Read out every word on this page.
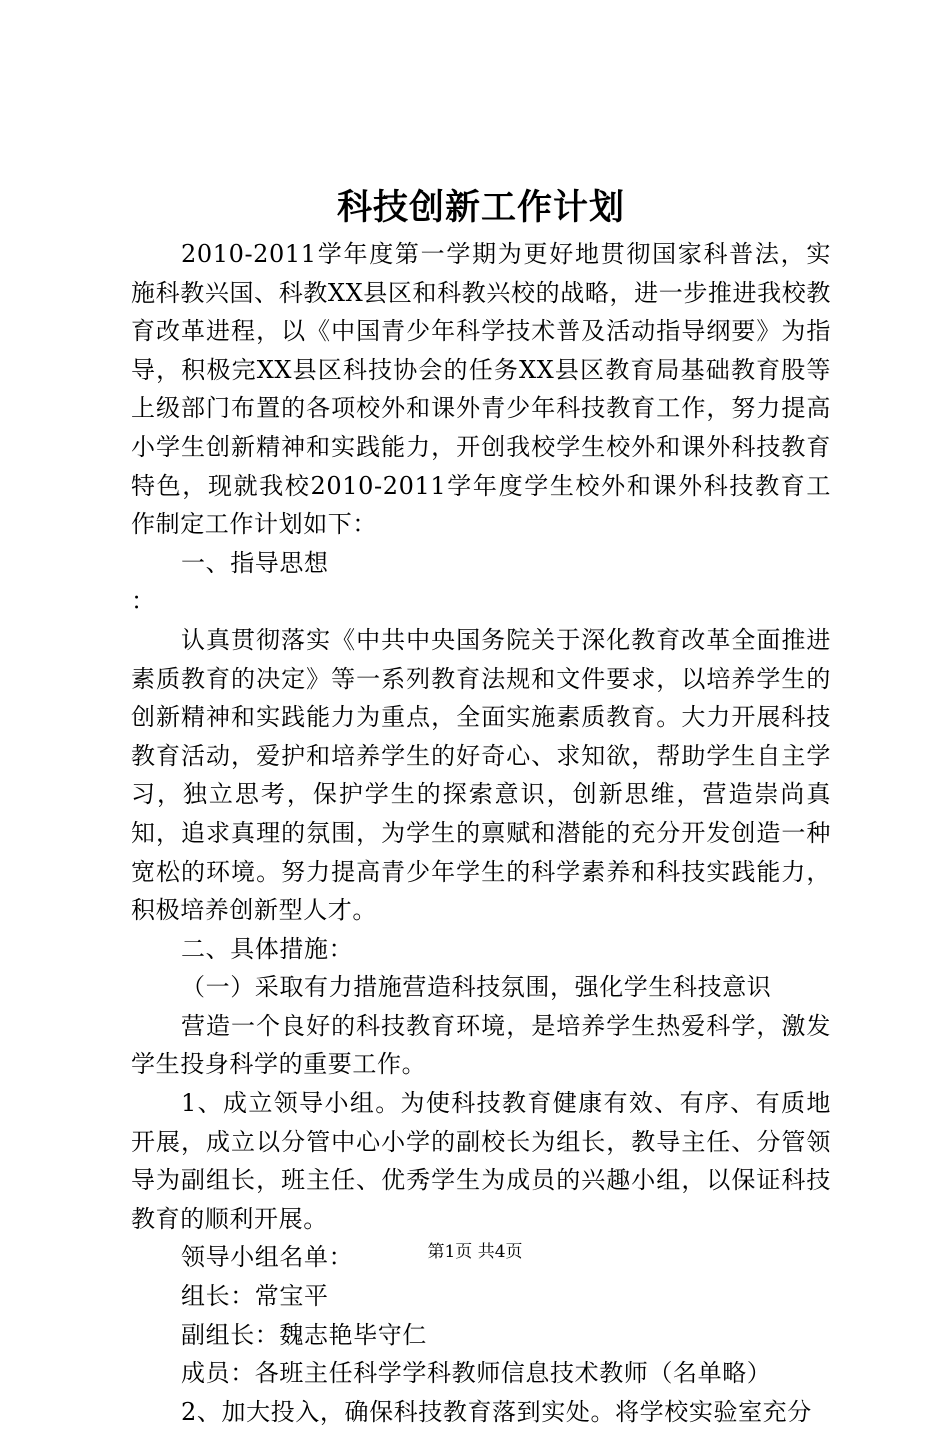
科技创新工作计划

2010-2011学年度第一学期为更好地贯彻国家科普法，实施科教兴国、科教XX县区和科教兴校的战略，进一步推进我校教育改革进程，以《中国青少年科学技术普及活动指导纲要》为指导，积极完XX县区科技协会的任务XX县区教育局基础教育股等上级部门布置的各项校外和课外青少年科技教育工作，努力提高小学生创新精神和实践能力，开创我校学生校外和课外科技教育特色，现就我校2010-2011学年度学生校外和课外科技教育工作制定工作计划如下：

一、指导思想

：

认真贯彻落实《中共中央国务院关于深化教育改革全面推进素质教育的决定》等一系列教育法规和文件要求，以培养学生的创新精神和实践能力为重点，全面实施素质教育。大力开展科技教育活动，爱护和培养学生的好奇心、求知欲，帮助学生自主学习，独立思考，保护学生的探索意识，创新思维，营造崇尚真知，追求真理的氛围，为学生的禀赋和潜能的充分开发创造一种宽松的环境。努力提高青少年学生的科学素养和科技实践能力，积极培养创新型人才。

二、具体措施：

（一）采取有力措施营造科技氛围，强化学生科技意识

营造一个良好的科技教育环境，是培养学生热爱科学，激发学生投身科学的重要工作。

1、成立领导小组。为使科技教育健康有效、有序、有质地开展，成立以分管中心小学的副校长为组长，教导主任、分管领导为副组长，班主任、优秀学生为成员的兴趣小组，以保证科技教育的顺利开展。

领导小组名单：

组长：常宝平

副组长：魏志艳毕守仁

成员：各班主任科学学科教师信息技术教师（名单略）

2、加大投入，确保科技教育落到实处。将学校实验室充分

第1页 共4页
